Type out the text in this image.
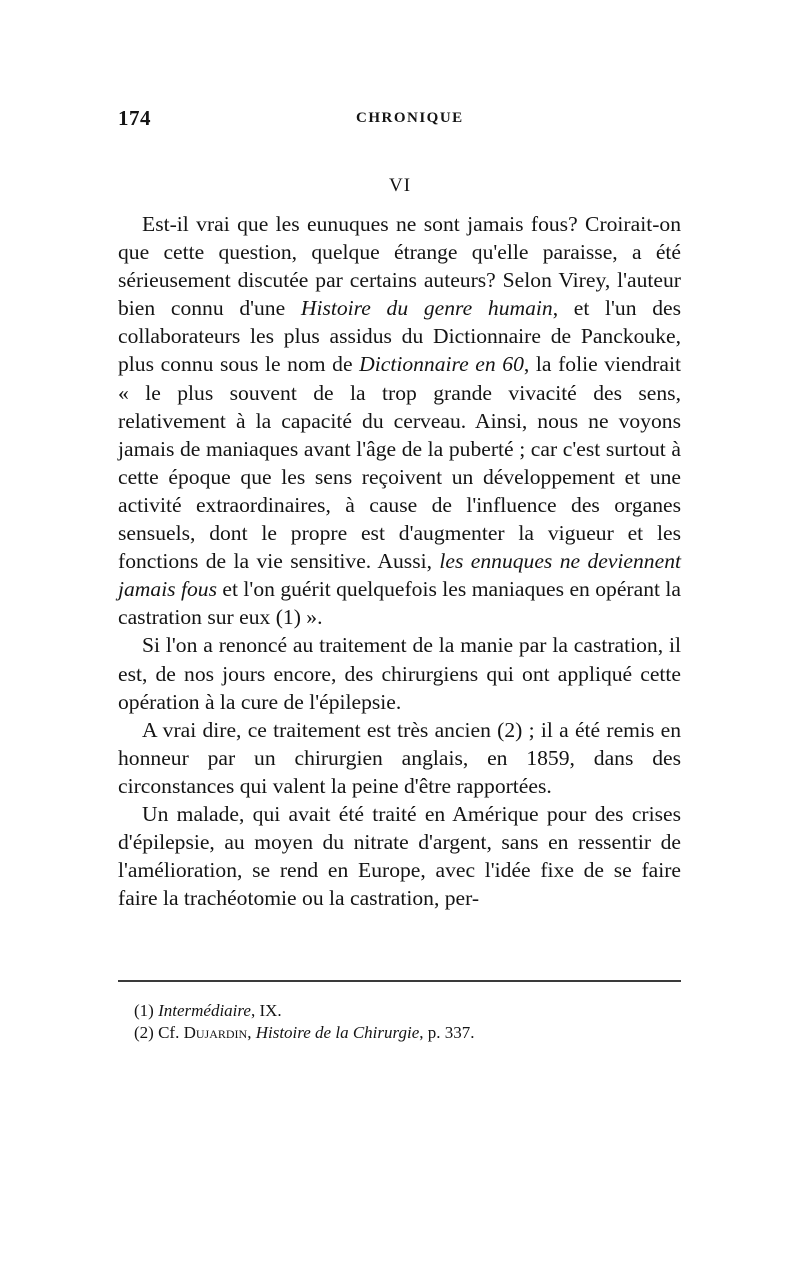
174	CHRONIQUE
VI

Est-il vrai que les eunuques ne sont jamais fous? Croirait-on que cette question, quelque étrange qu'elle paraisse, a été sérieusement discutée par certains auteurs? Selon Virey, l'auteur bien connu d'une Histoire du genre humain, et l'un des collaborateurs les plus assidus du Dictionnaire de Panckouke, plus connu sous le nom de Dictionnaire en 60, la folie viendrait « le plus souvent de la trop grande vivacité des sens, relativement à la capacité du cerveau. Ainsi, nous ne voyons jamais de maniaques avant l'âge de la puberté ; car c'est surtout à cette époque que les sens reçoivent un développement et une activité extraordinaires, à cause de l'influence des organes sensuels, dont le propre est d'augmenter la vigueur et les fonctions de la vie sensitive. Aussi, les ennuques ne deviennent jamais fous et l'on guérit quelquefois les maniaques en opérant la castration sur eux (1) ».

Si l'on a renoncé au traitement de la manie par la castration, il est, de nos jours encore, des chirurgiens qui ont appliqué cette opération à la cure de l'épilepsie.

A vrai dire, ce traitement est très ancien (2) ; il a été remis en honneur par un chirurgien anglais, en 1859, dans des circonstances qui valent la peine d'être rapportées.

Un malade, qui avait été traité en Amérique pour des crises d'épilepsie, au moyen du nitrate d'argent, sans en ressentir de l'amélioration, se rend en Europe, avec l'idée fixe de se faire faire la trachéotomie ou la castration, per-

(1) Intermédiaire, IX.

(2) Cf. Dujardin, Histoire de la Chirurgie, p. 337.
